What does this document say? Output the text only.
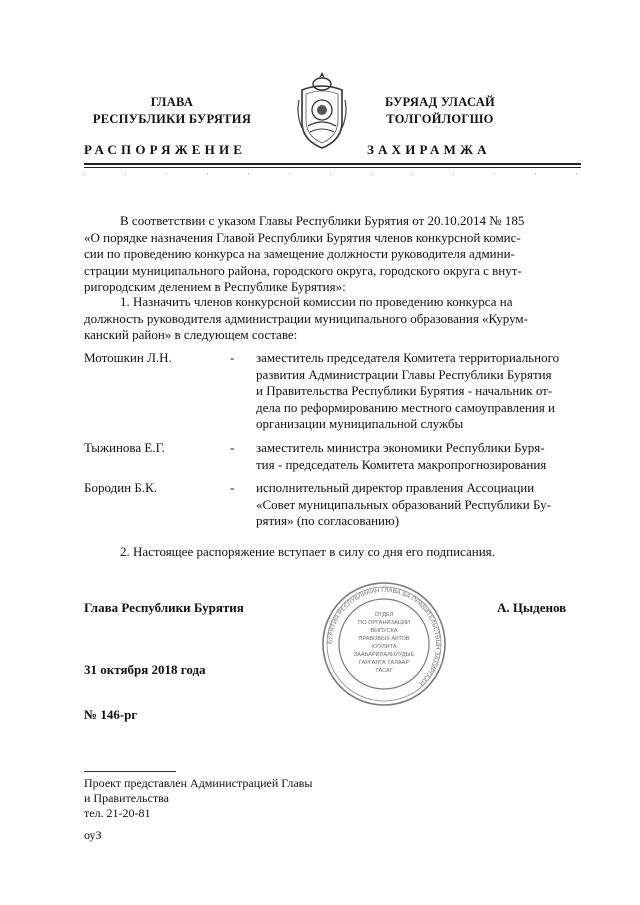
ГЛАВА
РЕСПУБЛИКИ БУРЯТИЯ
РАСПОРЯЖЕНИЕ
БУРЯАД УЛАСАЙ
ТОЛГОЙЛОГШО
ЗАХИРАМЖА
В соответствии с указом Главы Республики Бурятия от 20.10.2014 № 185
«О порядке назначения Главой Республики Бурятия членов конкурсной комис-
сии по проведению конкурса на замещение должности руководителя админи-
страции муниципального района, городского округа, городского округа с внут-
ригородским делением в Республике Бурятия»:
1. Назначить членов конкурсной комиссии по проведению конкурса на
должность руководителя администрации муниципального образования «Курум-
канский район» в следующем составе:
Мотошкин Л.Н.	- заместитель председателя Комитета территориального
развития Администрации Главы Республики Бурятия
и Правительства Республики Бурятия - начальник от-
дела по реформированию местного самоуправления и
организации муниципальной службы
Тыжинова Е.Г.	- заместитель министра экономики Республики Буря-
тия - председатель Комитета макропрогнозирования
Бородин Б.К.	- исполнительный директор правления Ассоциации
«Совет муниципальных образований Республики Бу-
рятия» (по согласованию)
2. Настоящее распоряжение вступает в силу со дня его подписания.
Глава Республики Бурятия	А. Цыденов
БУРЯТИЯ РЕСПУБЛИКИН ГЛАВА БА ПРАВИТЕЛЬСТВЫН ЗАХИРГААН
ОТДЕЛ
ПО ОРГАНИЗАЦИИ
ВЫПУСКА
ПРАВОВЫХ АКТОВ
ХУУЛИТА
ЗААБАРИЛАЛНУУДЫЕ
ГАРГАЛГА ТАЛААР
ТАСАГ
31 октября 2018 года
№ 146-рг
Проект представлен Администрацией Главы
и Правительства
тел. 21-20-81
оуЗ
